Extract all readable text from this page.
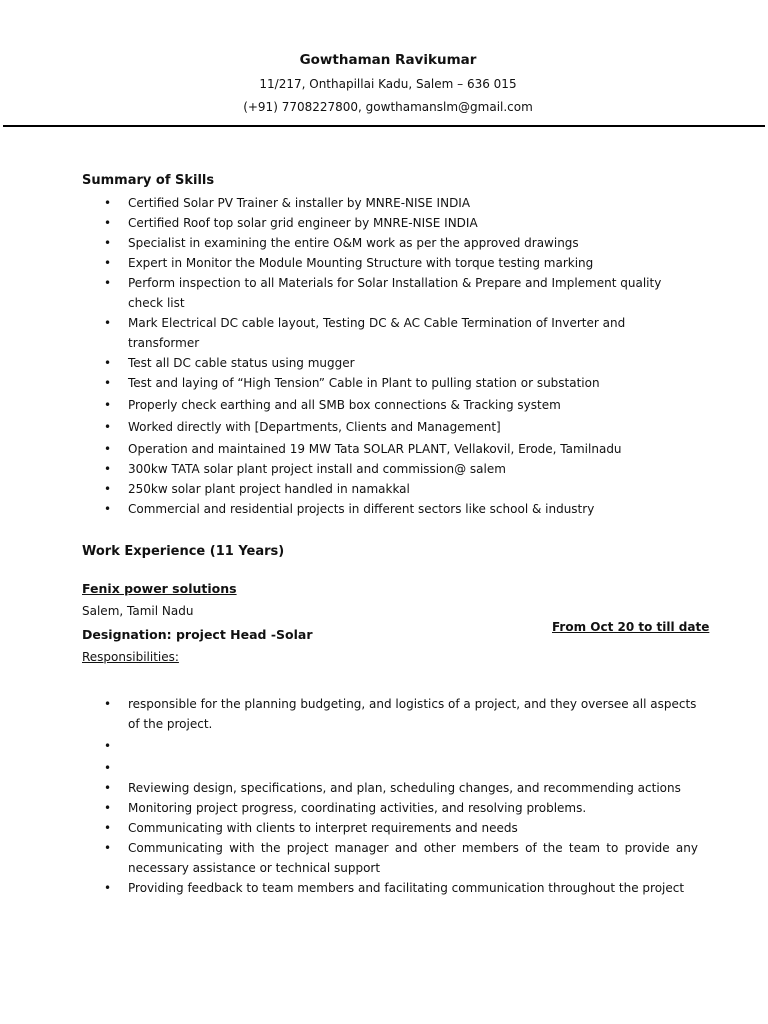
Gowthaman Ravikumar
11/217, Onthapillai Kadu, Salem – 636 015
(+91) 7708227800, gowthamanslm@gmail.com
Summary of Skills
• Certified Solar PV Trainer & installer by MNRE-NISE INDIA
• Certified Roof top solar grid engineer by MNRE-NISE INDIA
• Specialist in examining the entire O&M work as per the approved drawings
• Expert in Monitor the Module Mounting Structure with torque testing marking
• Perform inspection to all Materials for Solar Installation & Prepare and Implement quality check list
• Mark Electrical DC cable layout, Testing DC & AC Cable Termination of Inverter and transformer
• Test all DC cable status using mugger
• Test and laying of “High Tension” Cable in Plant to pulling station or substation
• Properly check earthing and all SMB box connections & Tracking system
• Worked directly with [Departments, Clients and Management]
• Operation and maintained 19 MW Tata SOLAR PLANT, Vellakovil, Erode, Tamilnadu
• 300kw TATA solar plant project install and commission@ salem
• 250kw solar plant project handled in namakkal
• Commercial and residential projects in different sectors like school & industry
Work Experience (11 Years)
Fenix power solutions
Salem, Tamil Nadu
Designation: project Head -Solar	From Oct 20 to till date
Responsibilities:
• responsible for the planning budgeting, and logistics of a project, and they oversee all aspects of the project.
•
•
• Reviewing design, specifications, and plan, scheduling changes, and recommending actions
• Monitoring project progress, coordinating activities, and resolving problems.
• Communicating with clients to interpret requirements and needs
• Communicating with the project manager and other members of the team to provide any necessary assistance or technical support
• Providing feedback to team members and facilitating communication throughout the project
